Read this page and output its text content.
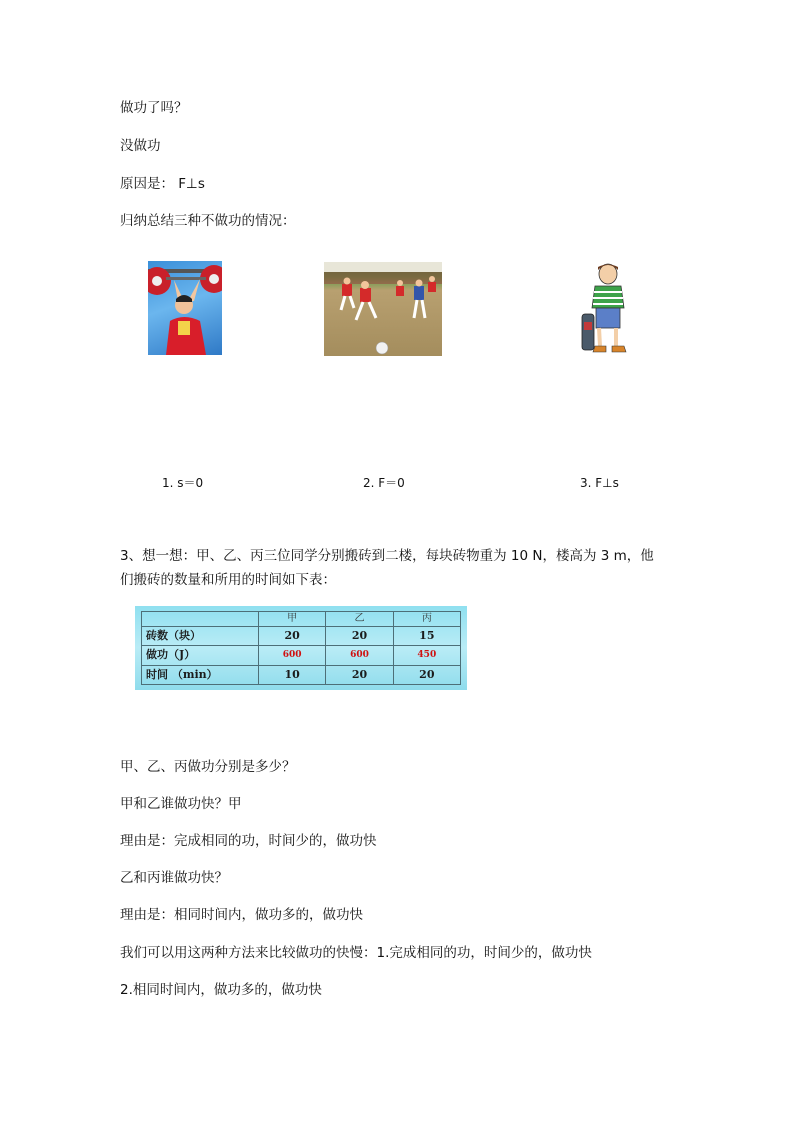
做功了吗？
没做功
原因是： F⊥s
归纳总结三种不做功的情况：
1. s＝0	2. F＝0	3. F⊥s
3、想一想：甲、乙、丙三位同学分别搬砖到二楼，每块砖物重为 10 N，楼高为 3 m，他
们搬砖的数量和所用的时间如下表：
	甲	乙	丙
砖数（块）	20	20	15
做功（J）	600	600	450
时间 （min）	10	20	20
甲、乙、丙做功分别是多少？
甲和乙谁做功快？甲
理由是：完成相同的功，时间少的，做功快
乙和丙谁做功快？
理由是：相同时间内，做功多的，做功快
我们可以用这两种方法来比较做功的快慢：1.完成相同的功，时间少的，做功快
2.相同时间内，做功多的，做功快
